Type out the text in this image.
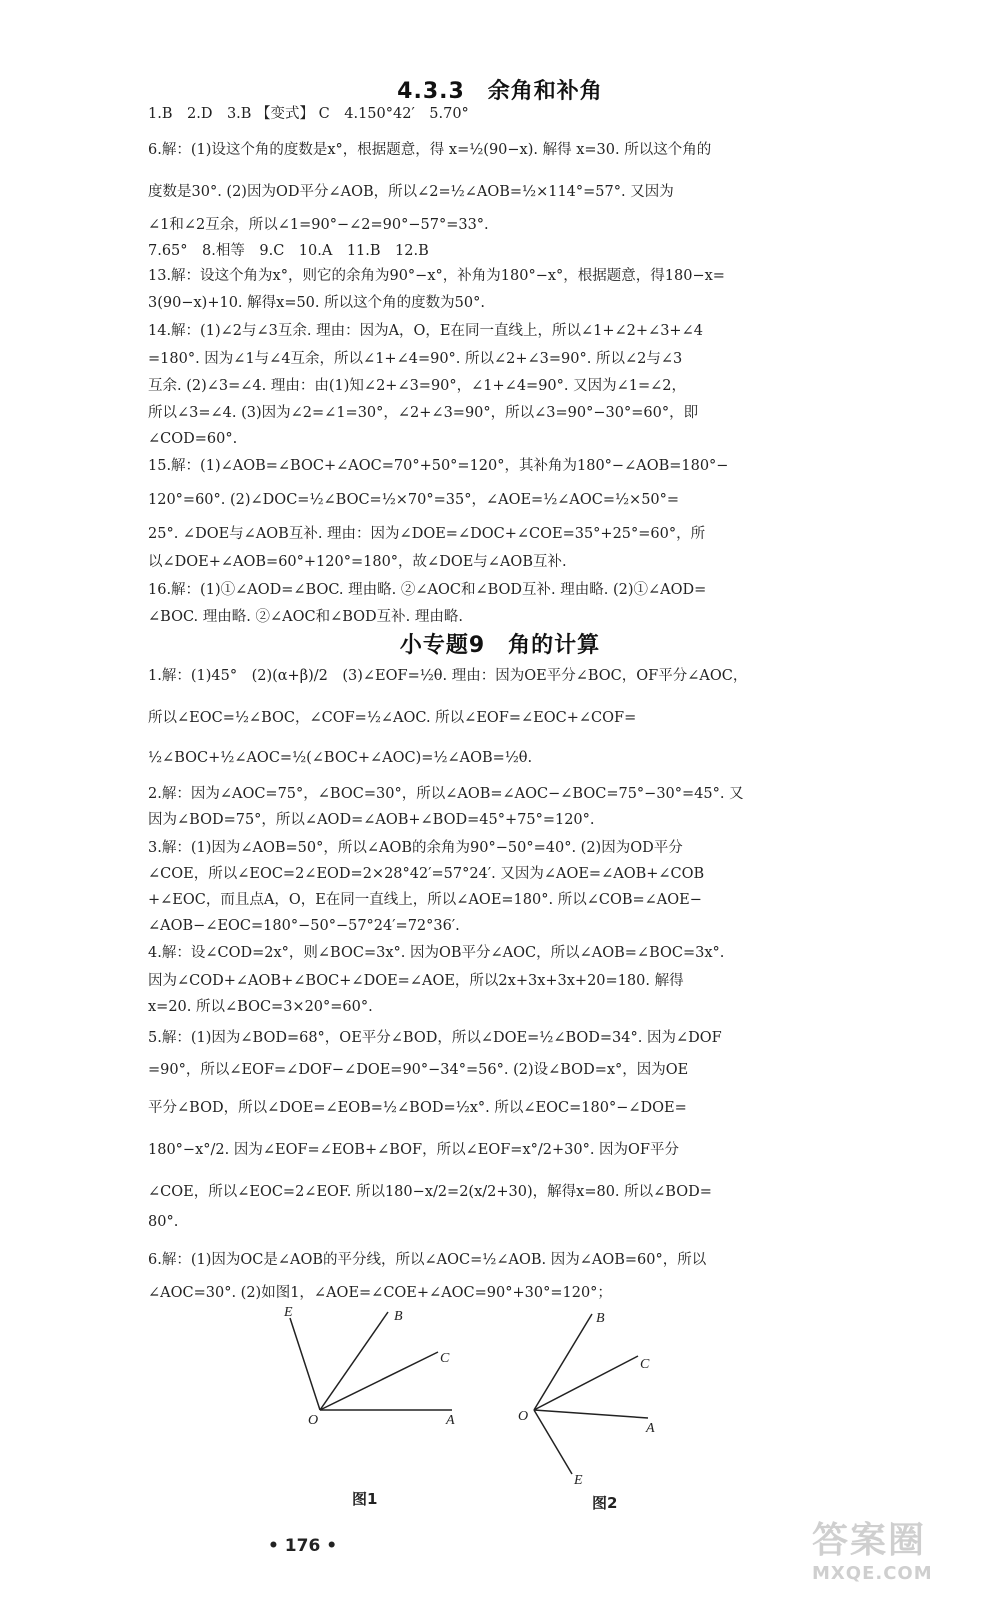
4.3.3　余角和补角
1.B　2.D　3.B 【变式】 C　4.150°42′　5.70°
6.解：(1)设这个角的度数是x°，根据题意，得 x=½(90−x). 解得 x=30. 所以这个角的
度数是30°. (2)因为OD平分∠AOB，所以∠2=½∠AOB=½×114°=57°. 又因为
∠1和∠2互余，所以∠1=90°−∠2=90°−57°=33°.
7.65°　8.相等　9.C　10.A　11.B　12.B
13.解：设这个角为x°，则它的余角为90°−x°，补角为180°−x°，根据题意，得180−x=
3(90−x)+10. 解得x=50. 所以这个角的度数为50°.
14.解：(1)∠2与∠3互余. 理由：因为A，O，E在同一直线上，所以∠1+∠2+∠3+∠4
=180°. 因为∠1与∠4互余，所以∠1+∠4=90°. 所以∠2+∠3=90°. 所以∠2与∠3
互余. (2)∠3=∠4. 理由：由(1)知∠2+∠3=90°，∠1+∠4=90°. 又因为∠1=∠2，
所以∠3=∠4. (3)因为∠2=∠1=30°，∠2+∠3=90°，所以∠3=90°−30°=60°，即
∠COD=60°.
15.解：(1)∠AOB=∠BOC+∠AOC=70°+50°=120°，其补角为180°−∠AOB=180°−
120°=60°. (2)∠DOC=½∠BOC=½×70°=35°，∠AOE=½∠AOC=½×50°=
25°. ∠DOE与∠AOB互补. 理由：因为∠DOE=∠DOC+∠COE=35°+25°=60°，所
以∠DOE+∠AOB=60°+120°=180°，故∠DOE与∠AOB互补.
16.解：(1)①∠AOD=∠BOC. 理由略. ②∠AOC和∠BOD互补. 理由略. (2)①∠AOD=
∠BOC. 理由略. ②∠AOC和∠BOD互补. 理由略.
小专题9　角的计算
1.解：(1)45°　(2)(α+β)/2　(3)∠EOF=½θ. 理由：因为OE平分∠BOC，OF平分∠AOC，
所以∠EOC=½∠BOC，∠COF=½∠AOC. 所以∠EOF=∠EOC+∠COF=
½∠BOC+½∠AOC=½(∠BOC+∠AOC)=½∠AOB=½θ.
2.解：因为∠AOC=75°，∠BOC=30°，所以∠AOB=∠AOC−∠BOC=75°−30°=45°. 又
因为∠BOD=75°，所以∠AOD=∠AOB+∠BOD=45°+75°=120°.
3.解：(1)因为∠AOB=50°，所以∠AOB的余角为90°−50°=40°. (2)因为OD平分
∠COE，所以∠EOC=2∠EOD=2×28°42′=57°24′. 又因为∠AOE=∠AOB+∠COB
+∠EOC，而且点A，O，E在同一直线上，所以∠AOE=180°. 所以∠COB=∠AOE−
∠AOB−∠EOC=180°−50°−57°24′=72°36′.
4.解：设∠COD=2x°，则∠BOC=3x°. 因为OB平分∠AOC，所以∠AOB=∠BOC=3x°.
因为∠COD+∠AOB+∠BOC+∠DOE=∠AOE，所以2x+3x+3x+20=180. 解得
x=20. 所以∠BOC=3×20°=60°.
5.解：(1)因为∠BOD=68°，OE平分∠BOD，所以∠DOE=½∠BOD=34°. 因为∠DOF
=90°，所以∠EOF=∠DOF−∠DOE=90°−34°=56°. (2)设∠BOD=x°，因为OE
平分∠BOD，所以∠DOE=∠EOB=½∠BOD=½x°. 所以∠EOC=180°−∠DOE=
180°−x°/2. 因为∠EOF=∠EOB+∠BOF，所以∠EOF=x°/2+30°. 因为OF平分
∠COE，所以∠EOC=2∠EOF. 所以180−x/2=2(x/2+30)，解得x=80. 所以∠BOD=
80°.
6.解：(1)因为OC是∠AOB的平分线，所以∠AOC=½∠AOB. 因为∠AOB=60°，所以
∠AOC=30°. (2)如图1，∠AOE=∠COE+∠AOC=90°+30°=120°；
E	B
C
O	A
图1
B
C
O
A
E
图2
• 176 •	答案圈
MXQE.COM
